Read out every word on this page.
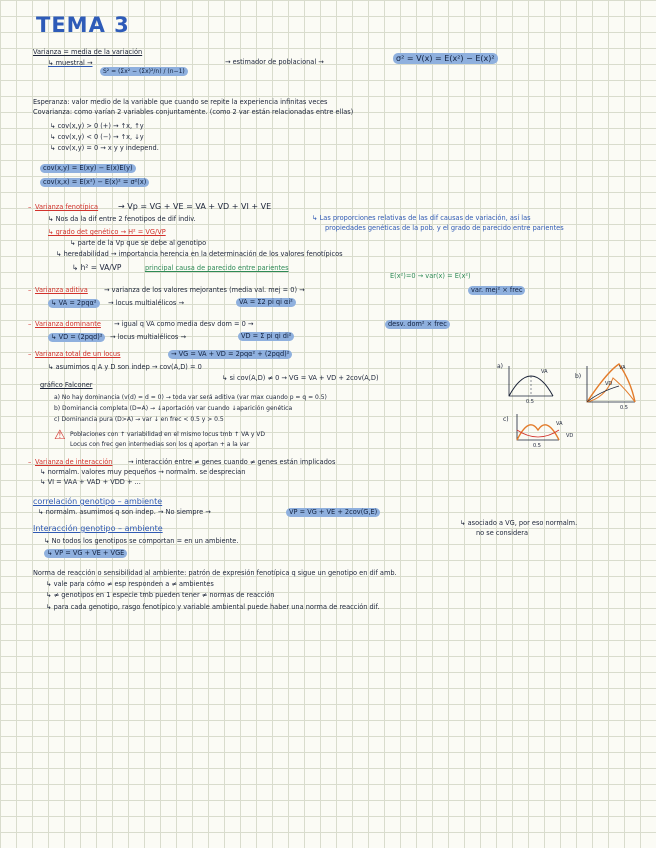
TEMA 3
Varianza = media de la variación
↳ muestral →
S² = (Σx² − (Σx)²/n) / (n−1)
→ estimador de poblacional →	σ² = V(x) = E(x²) − E(x)²
Esperanza: valor medio de la variable que cuando se repite la experiencia infinitas veces
Covarianza: como varían 2 variables conjuntamente. (como 2 var están relacionadas entre ellas)
↳ cov(x,y) > 0 (+) → ↑x, ↑y
↳ cov(x,y) < 0 (−) → ↑x, ↓y
↳ cov(x,y) = 0 → x y y independ.
cov(x,y) = E(xy) − E(x)E(y)
cov(x,x) = E(x²) − E(x)² = σ²(x)
– Varianza fenotípica → Vp = VG + VE = VA + VD + VI + VE
↳ Nos da la dif entre 2 fenotipos de dif indiv.	↳ Las proporciones relativas de las dif causas de variación, así las
propiedades genéticas de la pob. y el grado de parecido entre parientes
↳ grado det genético → H² = VG/VP
↳ parte de la Vp que se debe al genotipo
↳ heredabilidad → importancia herencia en la determinación de los valores fenotípicos
↳ h² = VA/VP	principal causa de parecido entre parientes
E(x²)=0 → var(x) = E(x²)
– Varianza aditiva → varianza de los valores mejorantes (media val. mej = 0) →	var. mej² × frec
↳ VA = 2pqα²	→ locus multialélicos →	VA = Σ2 pi qi αi²
– Varianza dominante → igual q VA como media desv dom = 0 →	desv. dom² × frec
↳ VD = (2pqd)²	→ locus multialélicos →	VD = Σ pi qi di²
– Varianza total de un locus	→ VG = VA + VD = 2pqα² + (2pqd)²
↳ asumimos q A y D son indep → cov(A,D) = 0
↳ si cov(A,D) ≠ 0 → VG = VA + VD + 2cov(A,D)
gráfico Falconer
a) No hay dominancia (v(d) = d = 0) → toda var será aditiva (var max cuando p = q = 0.5)
b) Dominancia completa (D=A) → ↓aportación var cuando ↓aparición genética
c) Dominancia pura (D>A) → var ↓ en frec < 0.5 y > 0.5
⚠ Poblaciones con ↑ variabilidad en el mismo locus tmb ↑ VA y VD
Locus con frec gen intermedias son los q aportan + a la var
a)
b)
c)
VA
VA
VD
VA
VD
0.5
0.5
0.5
– Varianza de interacción → interacción entre ≠ genes cuando ≠ genes están implicados
↳ normalm. valores muy pequeños → normalm. se desprecian
↳ VI = VAA + VAD + VDD + ...
correlación genotipo – ambiente
↳ normalm. asumimos q son indep. → No siempre →	VP = VG + VE + 2cov(G,E)
↳ asociado a VG, por eso normalm.
no se considera
Interacción genotipo – ambiente
↳ No todos los genotipos se comportan = en un ambiente.
↳ VP = VG + VE + VGE
Norma de reacción o sensibilidad al ambiente: patrón de expresión fenotípica q sigue un genotipo en dif amb.
↳ vale para cómo ≠ esp responden a ≠ ambientes
↳ ≠ genotipos en 1 especie tmb pueden tener ≠ normas de reacción
↳ para cada genotipo, rasgo fenotípico y variable ambiental puede haber una norma de reacción dif.
